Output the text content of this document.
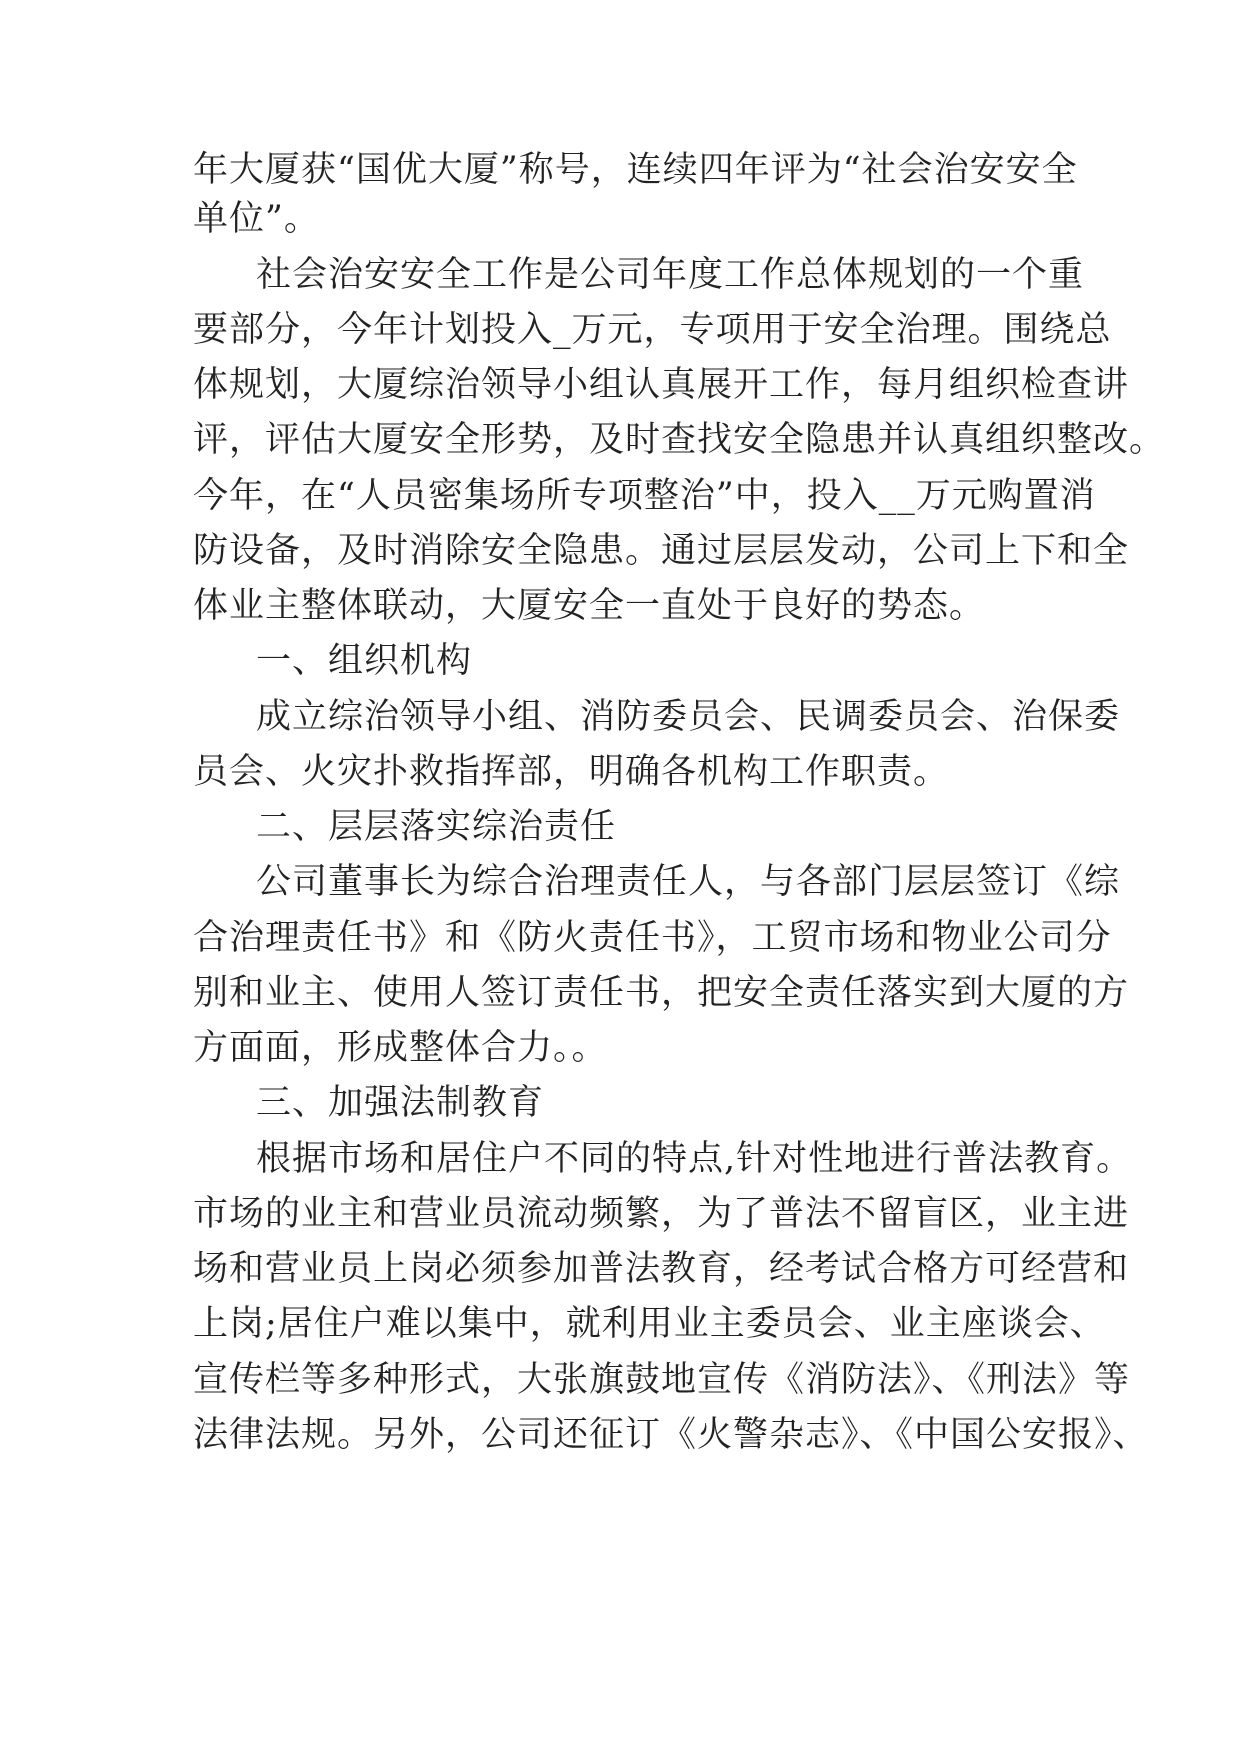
年大厦获“国优大厦”称号，连续四年评为“社会治安安全
单位”。
社会治安安全工作是公司年度工作总体规划的一个重
要部分，今年计划投入_万元，专项用于安全治理。围绕总
体规划，大厦综治领导小组认真展开工作，每月组织检查讲
评，评估大厦安全形势，及时查找安全隐患并认真组织整改。
今年，在“人员密集场所专项整治”中，投入__万元购置消
防设备，及时消除安全隐患。通过层层发动，公司上下和全
体业主整体联动，大厦安全一直处于良好的势态。
一、组织机构
成立综治领导小组、消防委员会、民调委员会、治保委
员会、火灾扑救指挥部，明确各机构工作职责。
二、层层落实综治责任
公司董事长为综合治理责任人，与各部门层层签订《综
合治理责任书》和《防火责任书》，工贸市场和物业公司分
别和业主、使用人签订责任书，把安全责任落实到大厦的方
方面面，形成整体合力。。
三、加强法制教育
根据市场和居住户不同的特点,针对性地进行普法教育。
市场的业主和营业员流动频繁，为了普法不留盲区，业主进
场和营业员上岗必须参加普法教育，经考试合格方可经营和
上岗;居住户难以集中，就利用业主委员会、业主座谈会、
宣传栏等多种形式，大张旗鼓地宣传《消防法》、《刑法》等
法律法规。另外，公司还征订《火警杂志》、《中国公安报》、
